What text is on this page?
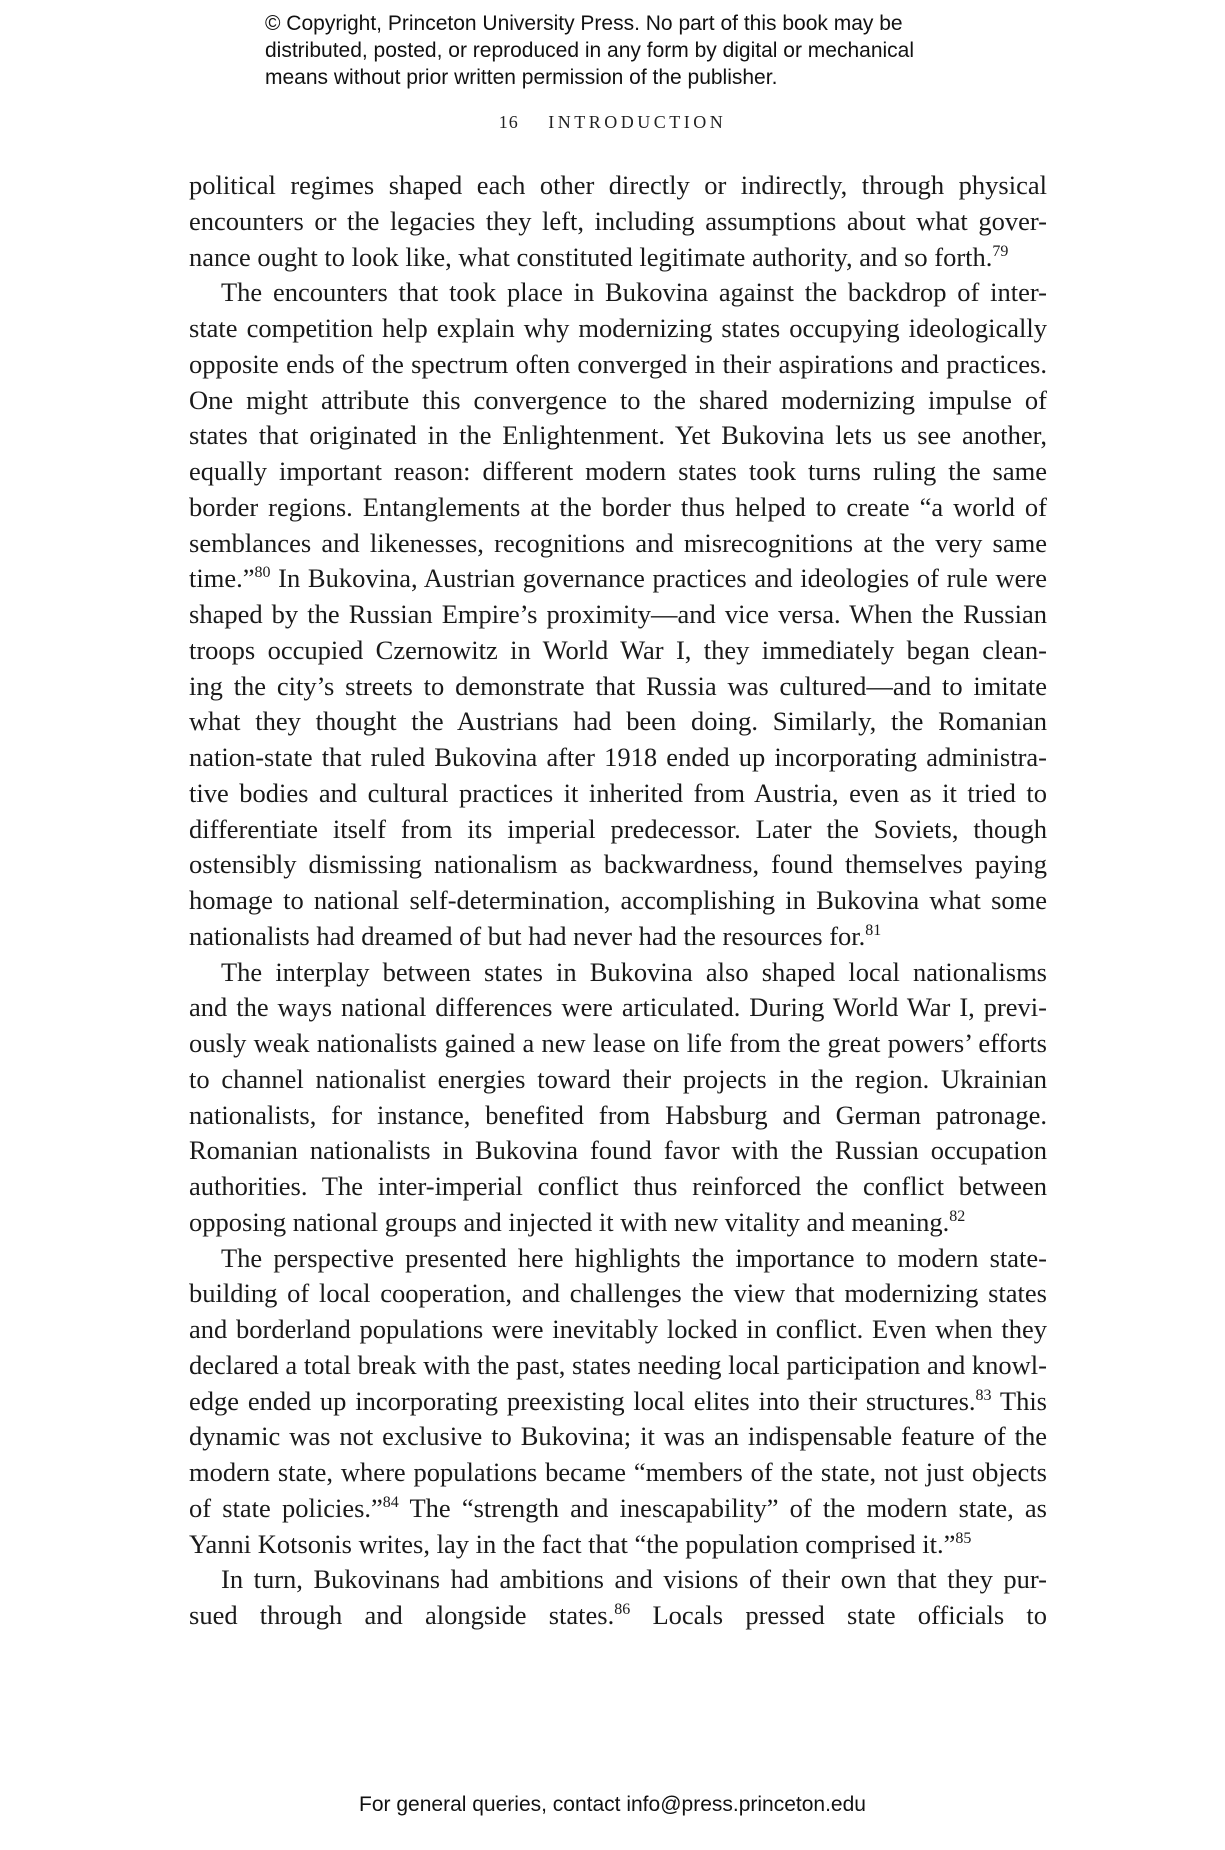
© Copyright, Princeton University Press. No part of this book may be
distributed, posted, or reproduced in any form by digital or mechanical
means without prior written permission of the publisher.
16 INTRODUCTION
political regimes shaped each other directly or indirectly, through physical
encounters or the legacies they left, including assumptions about what gover-
nance ought to look like, what constituted legitimate authority, and so forth.$^{79}$
The encounters that took place in Bukovina against the backdrop of inter-
state competition help explain why modernizing states occupying ideologically
opposite ends of the spectrum often converged in their aspirations and practices.
One might attribute this convergence to the shared modernizing impulse of
states that originated in the Enlightenment. Yet Bukovina lets us see another,
equally important reason: different modern states took turns ruling the same
border regions. Entanglements at the border thus helped to create “a world of
semblances and likenesses, recognitions and misrecognitions at the very same
time.”$^{80}$ In Bukovina, Austrian governance practices and ideologies of rule were
shaped by the Russian Empire’s proximity—and vice versa. When the Russian
troops occupied Czernowitz in World War I, they immediately began clean-
ing the city’s streets to demonstrate that Russia was cultured—and to imitate
what they thought the Austrians had been doing. Similarly, the Romanian
nation-state that ruled Bukovina after 1918 ended up incorporating administra-
tive bodies and cultural practices it inherited from Austria, even as it tried to
differentiate itself from its imperial predecessor. Later the Soviets, though
ostensibly dismissing nationalism as backwardness, found themselves paying
homage to national self-determination, accomplishing in Bukovina what some
nationalists had dreamed of but had never had the resources for.$^{81}$
The interplay between states in Bukovina also shaped local nationalisms
and the ways national differences were articulated. During World War I, previ-
ously weak nationalists gained a new lease on life from the great powers’ efforts
to channel nationalist energies toward their projects in the region. Ukrainian
nationalists, for instance, benefited from Habsburg and German patronage.
Romanian nationalists in Bukovina found favor with the Russian occupation
authorities. The inter-imperial conflict thus reinforced the conflict between
opposing national groups and injected it with new vitality and meaning.$^{82}$
The perspective presented here highlights the importance to modern state-
building of local cooperation, and challenges the view that modernizing states
and borderland populations were inevitably locked in conflict. Even when they
declared a total break with the past, states needing local participation and knowl-
edge ended up incorporating preexisting local elites into their structures.$^{83}$ This
dynamic was not exclusive to Bukovina; it was an indispensable feature of the
modern state, where populations became “members of the state, not just objects
of state policies.”$^{84}$ The “strength and inescapability” of the modern state, as
Yanni Kotsonis writes, lay in the fact that “the population comprised it.”$^{85}$
In turn, Bukovinans had ambitions and visions of their own that they pur-
sued through and alongside states.$^{86}$ Locals pressed state officials to
For general queries, contact info@press.princeton.edu
